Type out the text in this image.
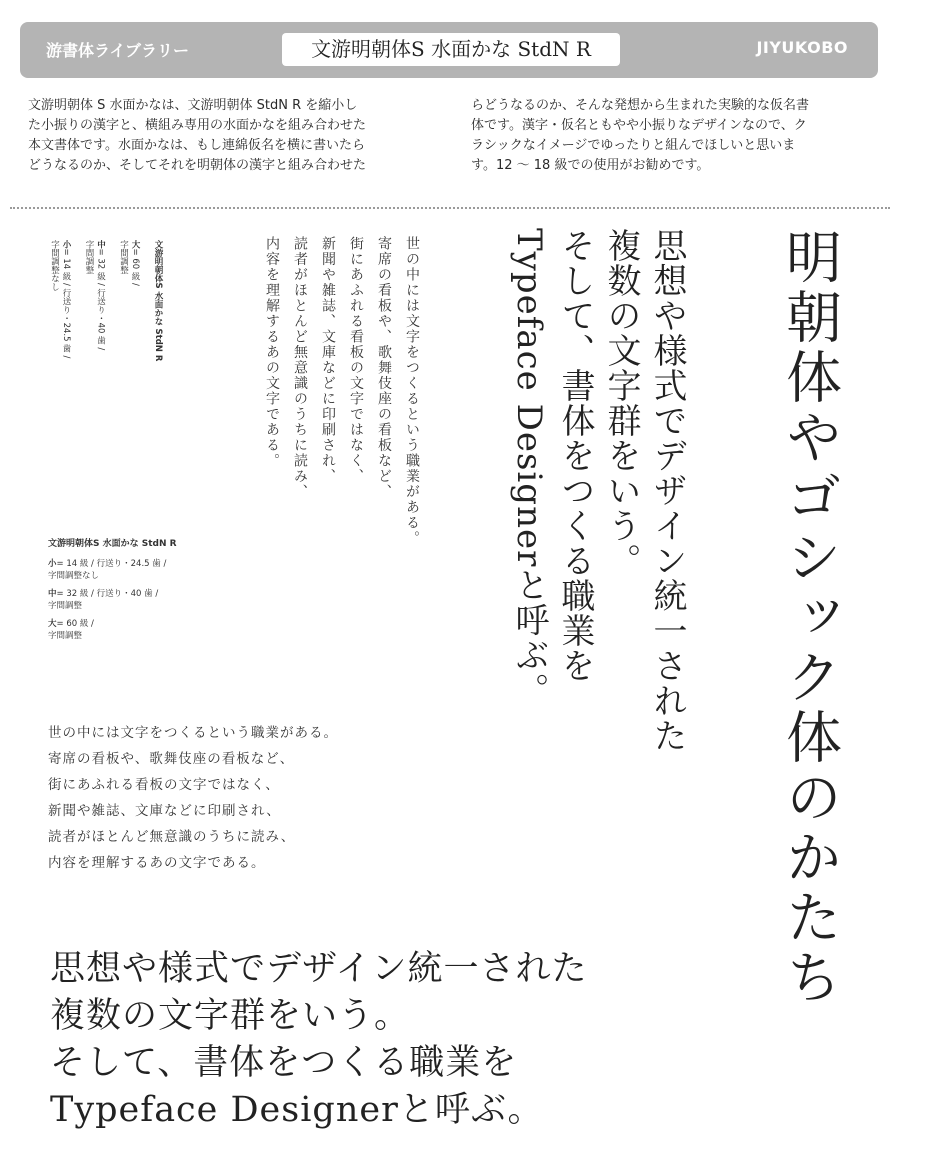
游書体ライブラリー	文游明朝体S 水面かな StdN R	JIYUKOBO
文游明朝体 S 水面かなは、文游明朝体 StdN R を縮小し
た小振りの漢字と、横組み専用の水面かなを組み合わせた
本文書体です。水面かなは、もし連綿仮名を横に書いたら
どうなるのか、そしてそれを明朝体の漢字と組み合わせた
らどうなるのか、そんな発想から生まれた実験的な仮名書
体です。漢字・仮名ともやや小振りなデザインなので、ク
ラシックなイメージでゆったりと組んでほしいと思いま
す。12 〜 18 級での使用がお勧めです。
明朝体やゴシック体のかたち
思想や様式でデザイン統一された
複数の文字群をいう。
そして、書体をつくる職業を
Typeface Designerと呼ぶ。
世の中には文字をつくるという職業がある。
寄席の看板や、歌舞伎座の看板など、
街にあふれる看板の文字ではなく、
新聞や雑誌、文庫などに印刷され、
読者がほとんど無意識のうちに読み、
内容を理解するあの文字である。
文游明朝体S 水面かな StdN R
大= 60 級 /
字間調整
中= 32 級 / 行送り・40 歯 /
字間調整
小= 14 級 / 行送り・24.5 歯 /
字間調整なし
文游明朝体S 水面かな StdN R
小= 14 級 / 行送り・24.5 歯 /
字間調整なし
中= 32 級 / 行送り・40 歯 /
字間調整
大= 60 級 /
字間調整
世の中には文字をつくるという職業がある。
寄席の看板や、歌舞伎座の看板など、
街にあふれる看板の文字ではなく、
新聞や雑誌、文庫などに印刷され、
読者がほとんど無意識のうちに読み、
内容を理解するあの文字である。
思想や様式でデザイン統一された
複数の文字群をいう。
そして、書体をつくる職業を
Typeface Designerと呼ぶ。
